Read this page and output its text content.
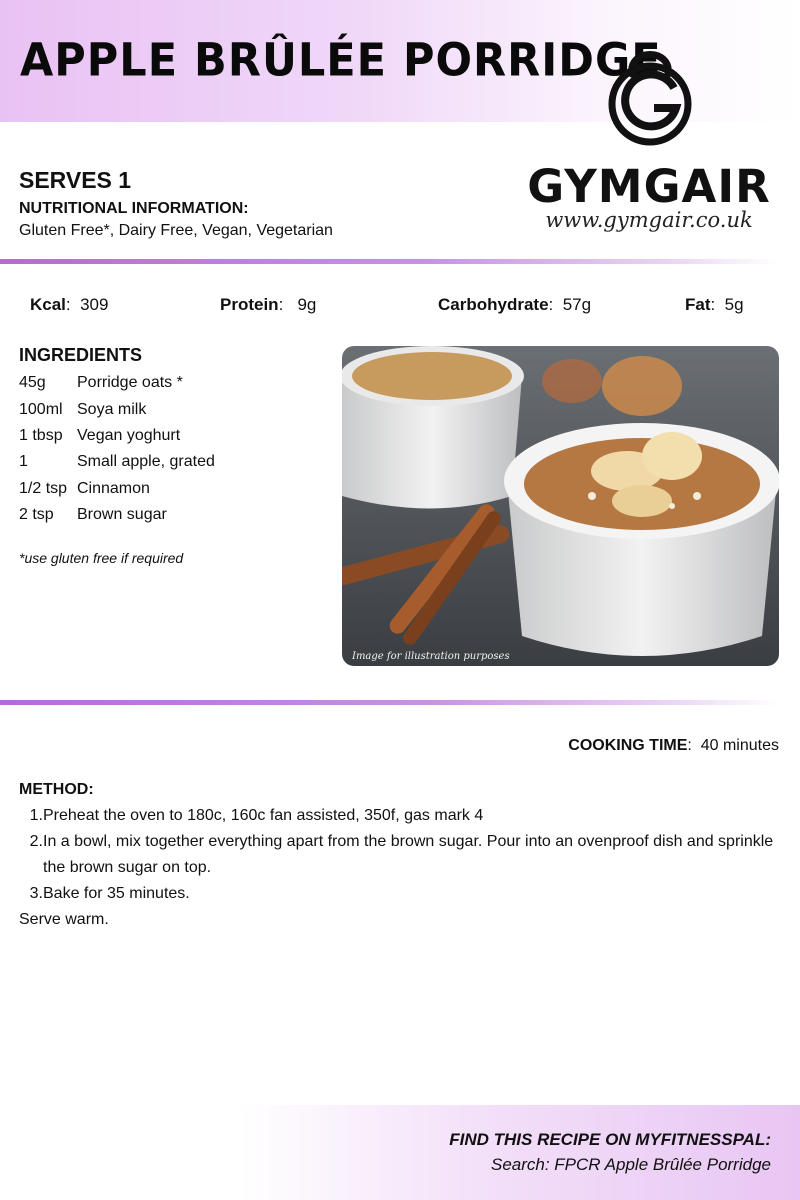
APPLE BRÛLÉE PORRIDGE
GYMGAIR
www.gymgair.co.uk
SERVES 1
NUTRITIONAL INFORMATION:
Gluten Free*, Dairy Free, Vegan, Vegetarian
Kcal:  309	Protein:   9g	Carbohydrate:  57g	Fat:  5g
INGREDIENTS
45g	Porridge oats *
100ml Soya milk
1 tbsp Vegan yoghurt
1	Small apple, grated
1/2 tsp Cinnamon
2 tsp	Brown sugar
*use gluten free if required
Image for illustration purposes
COOKING TIME:  40 minutes
METHOD:
1. Preheat the oven to 180c, 160c fan assisted, 350f, gas mark 4
2. In a bowl, mix together everything apart from the brown sugar. Pour into an ovenproof dish and sprinkle the brown sugar on top.
3. Bake for 35 minutes.
Serve warm.
FIND THIS RECIPE ON MYFITNESSPAL:
Search: FPCR Apple Brûlée Porridge
